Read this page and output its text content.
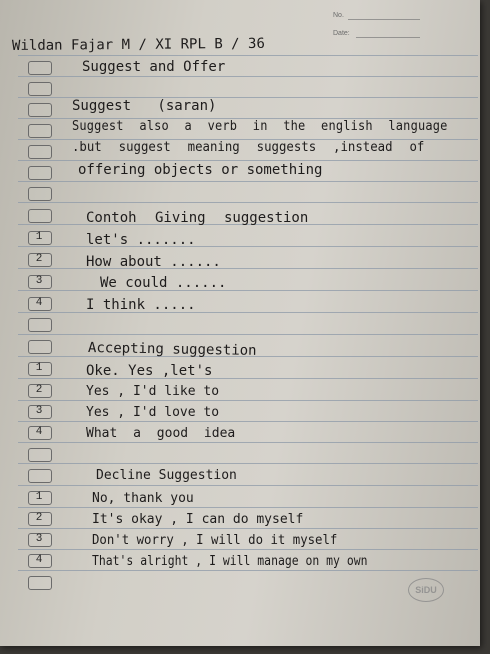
No.
Date:
Wildan Fajar M / XI RPL B / 36
1
2
3
4
1
2
3
4
1
2
3
4
Suggest and Offer
Suggest (saran)
Suggest also a verb in the english language
.but suggest meaning suggests ,instead of
offering objects or something
Contoh Giving suggestion
let's .......
How about ......
We could ......
I think .....
Accepting suggestion
Oke. Yes ,let's
Yes , I'd like to
Yes , I'd love to
What a good idea
Decline Suggestion
No, thank you
It's okay , I can do myself
Don't worry , I will do it myself
That's alright , I will manage on my own
SiDU
